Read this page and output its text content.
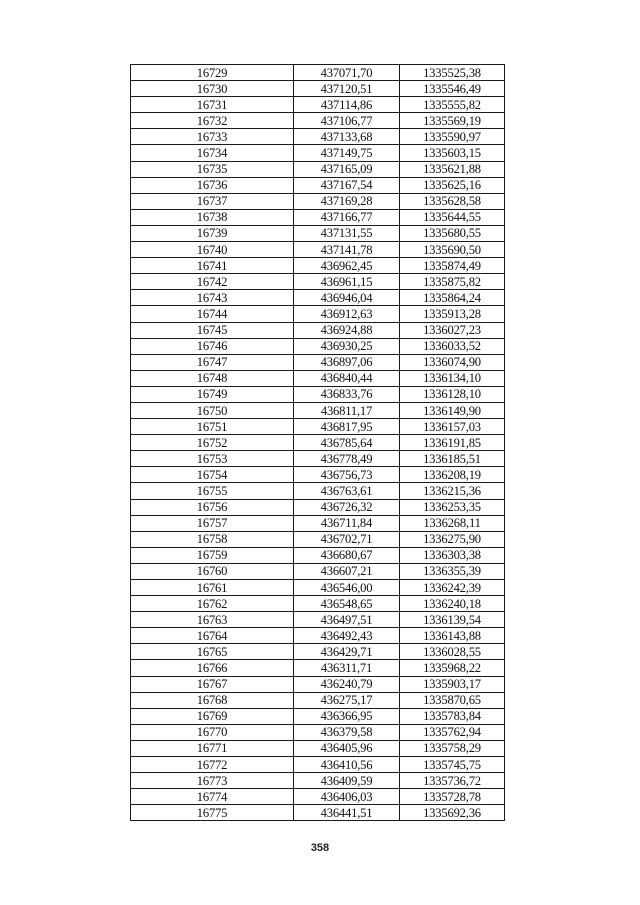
16729	437071,70	1335525,38
16730	437120,51	1335546,49
16731	437114,86	1335555,82
16732	437106,77	1335569,19
16733	437133,68	1335590,97
16734	437149,75	1335603,15
16735	437165,09	1335621,88
16736	437167,54	1335625,16
16737	437169,28	1335628,58
16738	437166,77	1335644,55
16739	437131,55	1335680,55
16740	437141,78	1335690,50
16741	436962,45	1335874,49
16742	436961,15	1335875,82
16743	436946,04	1335864,24
16744	436912,63	1335913,28
16745	436924,88	1336027,23
16746	436930,25	1336033,52
16747	436897,06	1336074,90
16748	436840,44	1336134,10
16749	436833,76	1336128,10
16750	436811,17	1336149,90
16751	436817,95	1336157,03
16752	436785,64	1336191,85
16753	436778,49	1336185,51
16754	436756,73	1336208,19
16755	436763,61	1336215,36
16756	436726,32	1336253,35
16757	436711,84	1336268,11
16758	436702,71	1336275,90
16759	436680,67	1336303,38
16760	436607,21	1336355,39
16761	436546,00	1336242,39
16762	436548,65	1336240,18
16763	436497,51	1336139,54
16764	436492,43	1336143,88
16765	436429,71	1336028,55
16766	436311,71	1335968,22
16767	436240,79	1335903,17
16768	436275,17	1335870,65
16769	436366,95	1335783,84
16770	436379,58	1335762,94
16771	436405,96	1335758,29
16772	436410,56	1335745,75
16773	436409,59	1335736,72
16774	436406,03	1335728,78
16775	436441,51	1335692,36
358
